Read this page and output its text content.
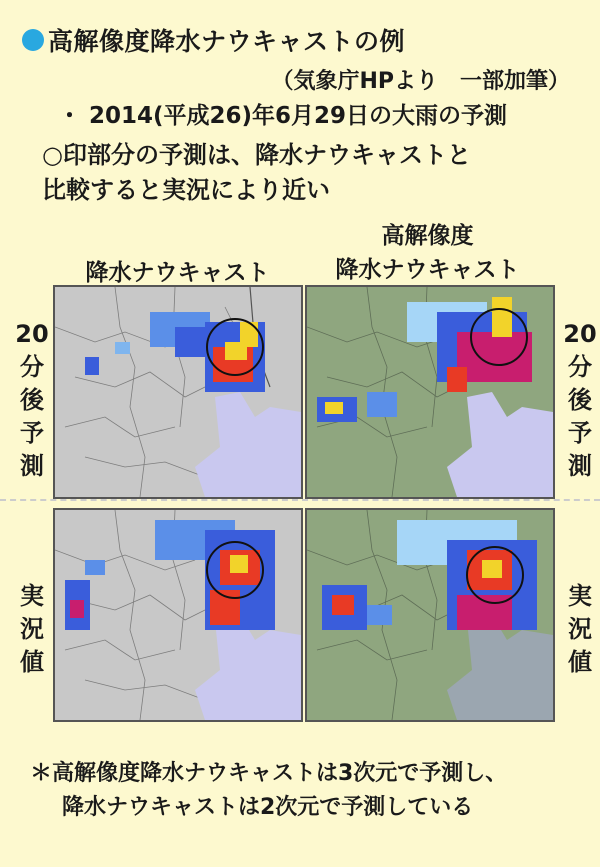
高解像度降水ナウキャストの例
（気象庁HPより　一部加筆）
・ 2014(平成26)年6月29日の大雨の予測
○印部分の予測は、降水ナウキャストと
比較すると実況により近い
降水ナウキャスト
高解像度
降水ナウキャスト
20
分
後
予
測
20
分
後
予
測
実
況
値
実
況
値
＊高解像度降水ナウキャストは3次元で予測し、
降水ナウキャストは2次元で予測している
